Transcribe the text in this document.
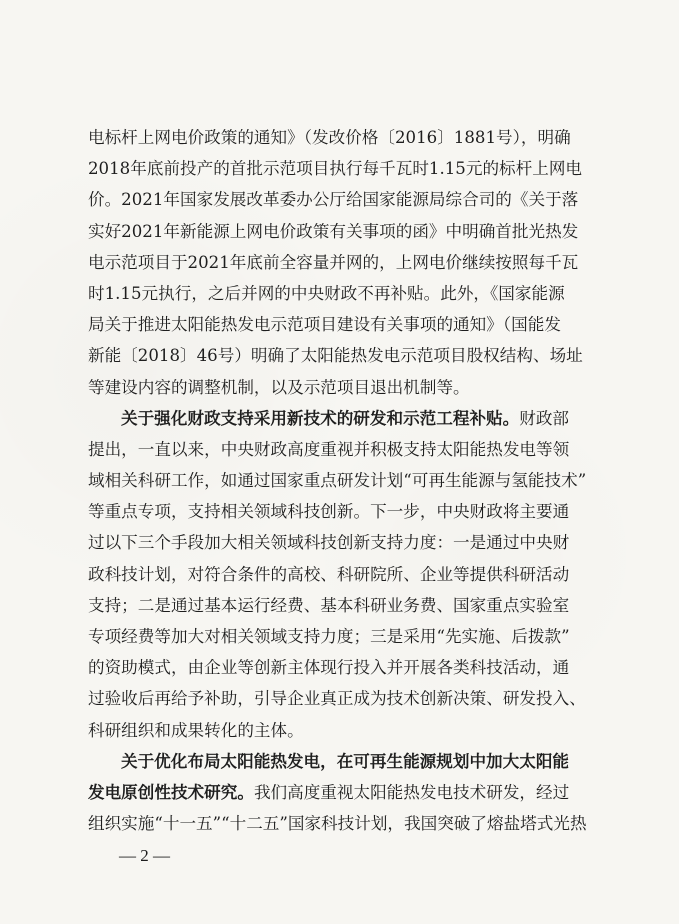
电标杆上网电价政策的通知》（发改价格〔2016〕1881号），明确
2018年底前投产的首批示范项目执行每千瓦时1.15元的标杆上网电
价。2021年国家发展改革委办公厅给国家能源局综合司的《关于落
实好2021年新能源上网电价政策有关事项的函》中明确首批光热发
电示范项目于2021年底前全容量并网的，上网电价继续按照每千瓦
时1.15元执行，之后并网的中央财政不再补贴。此外，《国家能源
局关于推进太阳能热发电示范项目建设有关事项的通知》（国能发
新能〔2018〕46号）明确了太阳能热发电示范项目股权结构、场址
等建设内容的调整机制，以及示范项目退出机制等。
关于强化财政支持采用新技术的研发和示范工程补贴。财政部
提出，一直以来，中央财政高度重视并积极支持太阳能热发电等领
域相关科研工作，如通过国家重点研发计划“可再生能源与氢能技术”
等重点专项，支持相关领域科技创新。下一步，中央财政将主要通
过以下三个手段加大相关领域科技创新支持力度：一是通过中央财
政科技计划，对符合条件的高校、科研院所、企业等提供科研活动
支持；二是通过基本运行经费、基本科研业务费、国家重点实验室
专项经费等加大对相关领域支持力度；三是采用“先实施、后拨款”
的资助模式，由企业等创新主体现行投入并开展各类科技活动，通
过验收后再给予补助，引导企业真正成为技术创新决策、研发投入、
科研组织和成果转化的主体。
关于优化布局太阳能热发电，在可再生能源规划中加大太阳能
发电原创性技术研究。我们高度重视太阳能热发电技术研发，经过
组织实施“十一五”“十二五”国家科技计划，我国突破了熔盐塔式光热
— 2 —
